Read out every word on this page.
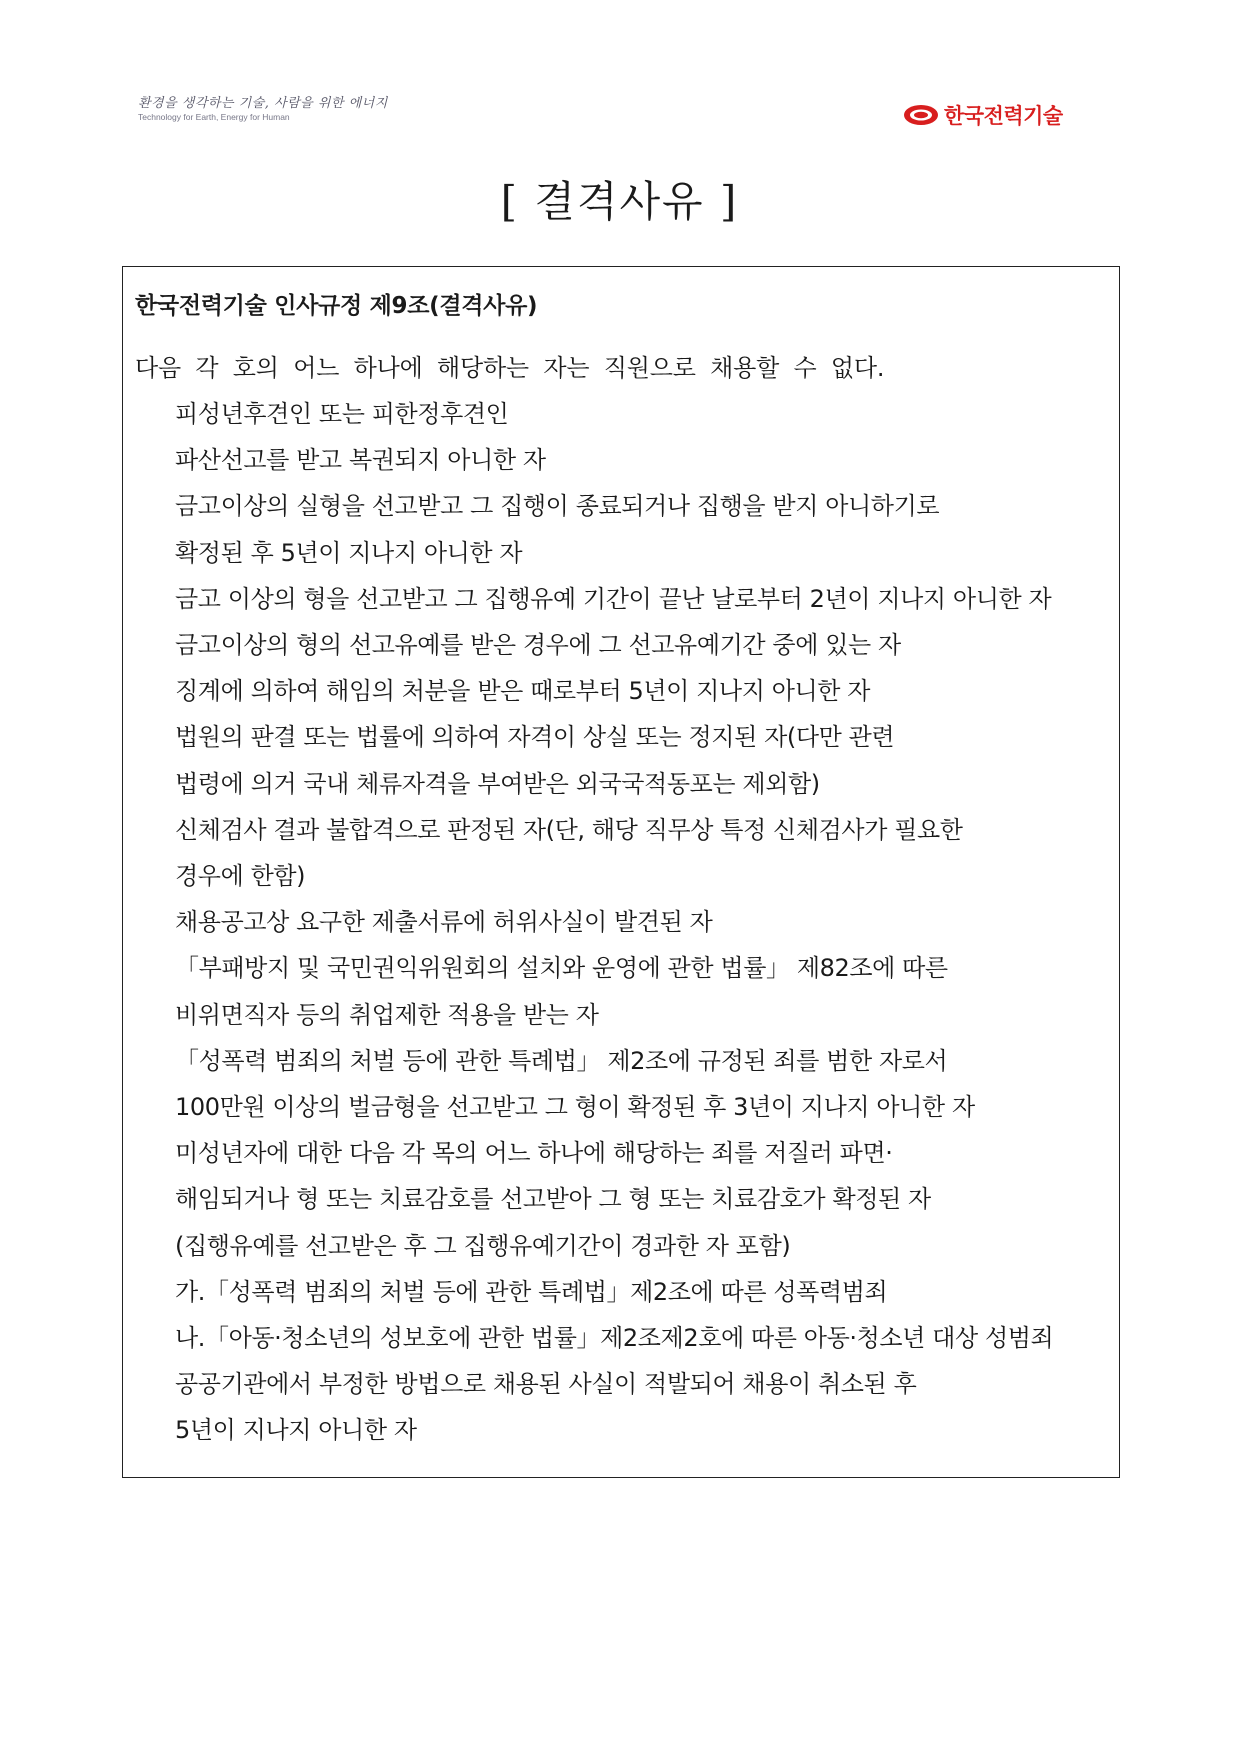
환경을 생각하는 기술, 사람을 위한 에너지
Technology for Earth, Energy for Human	한국전력기술
[ 결격사유 ]
한국전력기술 인사규정 제9조(결격사유)
다음 각 호의 어느 하나에 해당하는 자는 직원으로 채용할 수 없다.
피성년후견인 또는 피한정후견인
파산선고를 받고 복권되지 아니한 자
금고이상의 실형을 선고받고 그 집행이 종료되거나 집행을 받지 아니하기로
확정된 후 5년이 지나지 아니한 자
금고 이상의 형을 선고받고 그 집행유예 기간이 끝난 날로부터 2년이 지나지 아니한 자
금고이상의 형의 선고유예를 받은 경우에 그 선고유예기간 중에 있는 자
징계에 의하여 해임의 처분을 받은 때로부터 5년이 지나지 아니한 자
법원의 판결 또는 법률에 의하여 자격이 상실 또는 정지된 자(다만 관련
법령에 의거 국내 체류자격을 부여받은 외국국적동포는 제외함)
신체검사 결과 불합격으로 판정된 자(단, 해당 직무상 특정 신체검사가 필요한
경우에 한함)
채용공고상 요구한 제출서류에 허위사실이 발견된 자
「부패방지 및 국민권익위원회의 설치와 운영에 관한 법률」 제82조에 따른
비위면직자 등의 취업제한 적용을 받는 자
「성폭력 범죄의 처벌 등에 관한 특례법」 제2조에 규정된 죄를 범한 자로서
100만원 이상의 벌금형을 선고받고 그 형이 확정된 후 3년이 지나지 아니한 자
미성년자에 대한 다음 각 목의 어느 하나에 해당하는 죄를 저질러 파면·
해임되거나 형 또는 치료감호를 선고받아 그 형 또는 치료감호가 확정된 자
(집행유예를 선고받은 후 그 집행유예기간이 경과한 자 포함)
가.「성폭력 범죄의 처벌 등에 관한 특례법」제2조에 따른 성폭력범죄
나.「아동·청소년의 성보호에 관한 법률」제2조제2호에 따른 아동·청소년 대상 성범죄
공공기관에서 부정한 방법으로 채용된 사실이 적발되어 채용이 취소된 후
5년이 지나지 아니한 자
